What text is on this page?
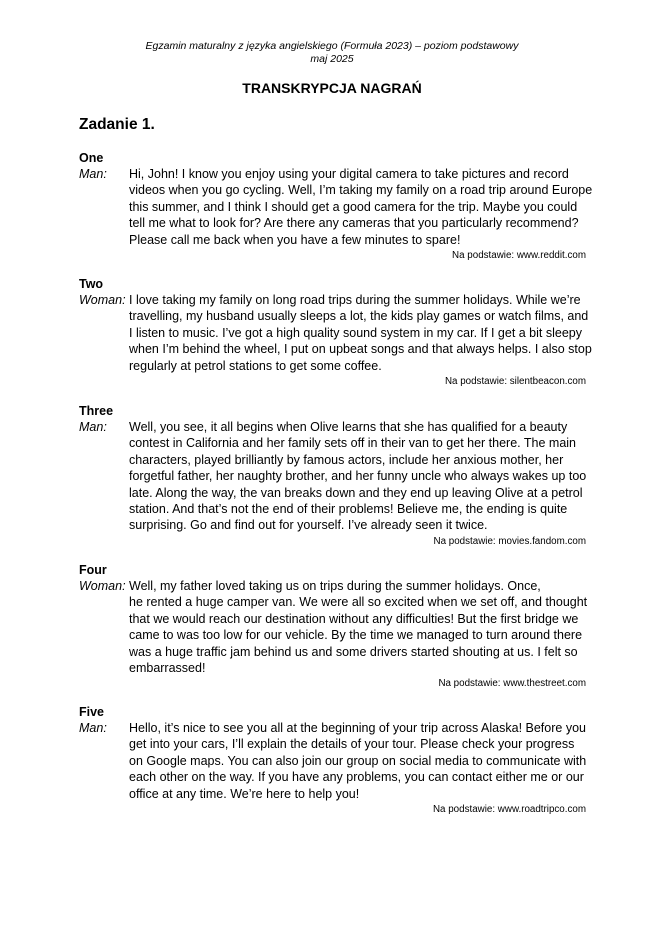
Egzamin maturalny z języka angielskiego (Formuła 2023) – poziom podstawowy
maj 2025
TRANSKRYPCJA NAGRAŃ
Zadanie 1.
One
Man:	Hi, John! I know you enjoy using your digital camera to take pictures and record
videos when you go cycling. Well, I’m taking my family on a road trip around Europe
this summer, and I think I should get a good camera for the trip. Maybe you could
tell me what to look for? Are there any cameras that you particularly recommend?
Please call me back when you have a few minutes to spare!
Na podstawie: www.reddit.com
Two
Woman: I love taking my family on long road trips during the summer holidays. While we’re
travelling, my husband usually sleeps a lot, the kids play games or watch films, and
I listen to music. I’ve got a high quality sound system in my car. If I get a bit sleepy
when I’m behind the wheel, I put on upbeat songs and that always helps. I also stop
regularly at petrol stations to get some coffee.
Na podstawie: silentbeacon.com
Three
Man:	Well, you see, it all begins when Olive learns that she has qualified for a beauty
contest in California and her family sets off in their van to get her there. The main
characters, played brilliantly by famous actors, include her anxious mother, her
forgetful father, her naughty brother, and her funny uncle who always wakes up too
late. Along the way, the van breaks down and they end up leaving Olive at a petrol
station. And that’s not the end of their problems! Believe me, the ending is quite
surprising. Go and find out for yourself. I’ve already seen it twice.
Na podstawie: movies.fandom.com
Four
Woman: Well, my father loved taking us on trips during the summer holidays. Once,
he rented a huge camper van. We were all so excited when we set off, and thought
that we would reach our destination without any difficulties! But the first bridge we
came to was too low for our vehicle. By the time we managed to turn around there
was a huge traffic jam behind us and some drivers started shouting at us. I felt so
embarrassed!
Na podstawie: www.thestreet.com
Five
Man:	Hello, it’s nice to see you all at the beginning of your trip across Alaska! Before you
get into your cars, I’ll explain the details of your tour. Please check your progress
on Google maps. You can also join our group on social media to communicate with
each other on the way. If you have any problems, you can contact either me or our
office at any time. We’re here to help you!
Na podstawie: www.roadtripco.com
